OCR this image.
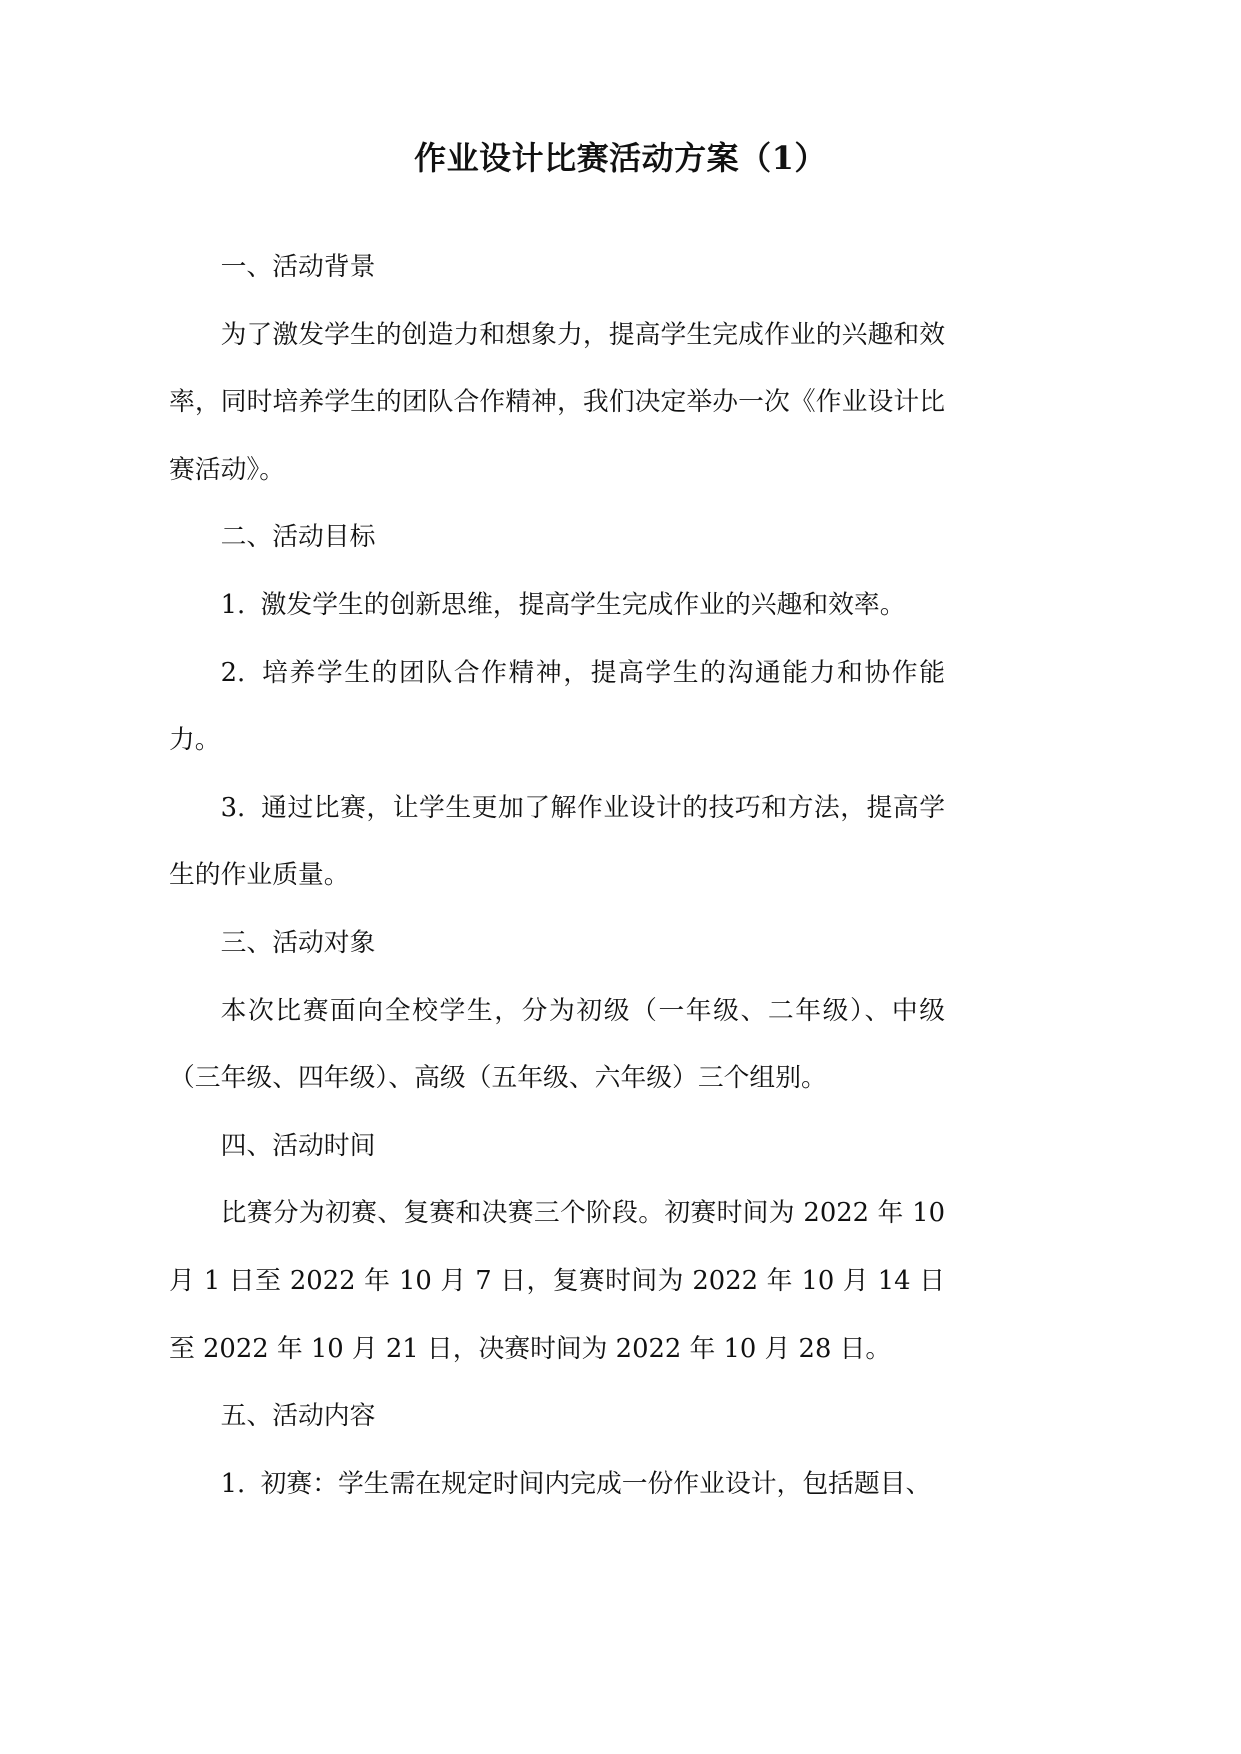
作业设计比赛活动方案（1）

一、活动背景

为了激发学生的创造力和想象力，提高学生完成作业的兴趣和效率，同时培养学生的团队合作精神，我们决定举办一次《作业设计比赛活动》。

二、活动目标

1. 激发学生的创新思维，提高学生完成作业的兴趣和效率。

2. 培养学生的团队合作精神，提高学生的沟通能力和协作能力。

3. 通过比赛，让学生更加了解作业设计的技巧和方法，提高学生的作业质量。

三、活动对象

本次比赛面向全校学生，分为初级（一年级、二年级）、中级（三年级、四年级）、高级（五年级、六年级）三个组别。

四、活动时间

比赛分为初赛、复赛和决赛三个阶段。初赛时间为 2022 年 10 月 1 日至 2022 年 10 月 7 日，复赛时间为 2022 年 10 月 14 日至 2022 年 10 月 21 日，决赛时间为 2022 年 10 月 28 日。

五、活动内容

1. 初赛：学生需在规定时间内完成一份作业设计，包括题目、
